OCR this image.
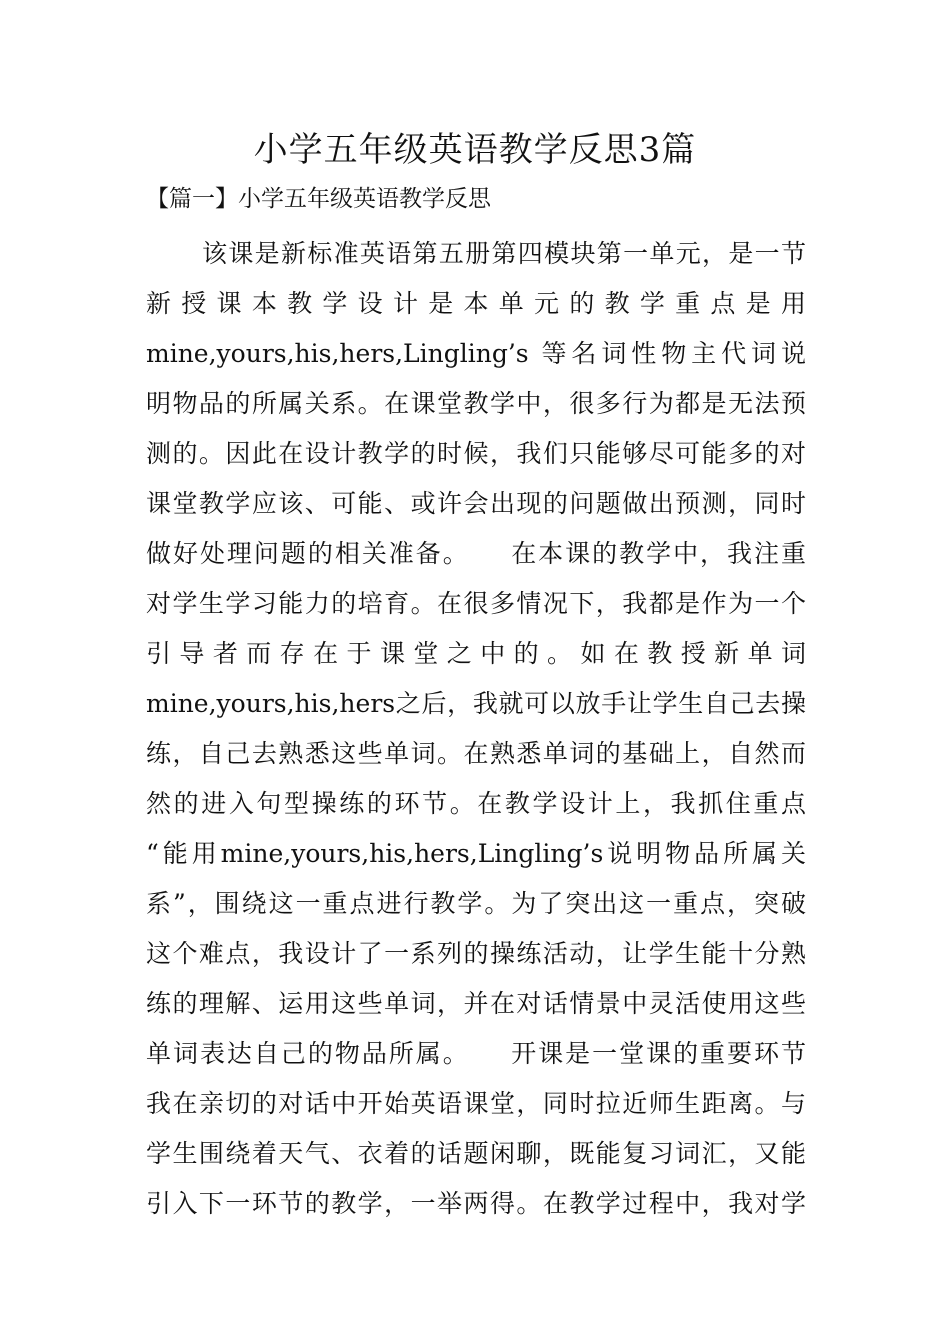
小学五年级英语教学反思3篇
【篇一】小学五年级英语教学反思
该课是新标准英语第五册第四模块第一单元，是一节
新授课本教学设计是本单元的教学重点是用
mine,yours,his,hers,Lingling’s 等名词性物主代词说
明物品的所属关系。在课堂教学中，很多行为都是无法预
测的。因此在设计教学的时候，我们只能够尽可能多的对
课堂教学应该、可能、或许会出现的问题做出预测，同时
做好处理问题的相关准备。　　在本课的教学中，我注重
对学生学习能力的培育。在很多情况下，我都是作为一个
引导者而存在于课堂之中的。如在教授新单词
mine,yours,his,hers之后，我就可以放手让学生自己去操
练，自己去熟悉这些单词。在熟悉单词的基础上，自然而
然的进入句型操练的环节。在教学设计上，我抓住重点
“能用mine,yours,his,hers,Lingling’s说明物品所属关
系”，围绕这一重点进行教学。为了突出这一重点，突破
这个难点，我设计了一系列的操练活动，让学生能十分熟
练的理解、运用这些单词，并在对话情景中灵活使用这些
单词表达自己的物品所属。　　开课是一堂课的重要环节
我在亲切的对话中开始英语课堂，同时拉近师生距离。与
学生围绕着天气、衣着的话题闲聊，既能复习词汇，又能
引入下一环节的教学，一举两得。在教学过程中，我对学
